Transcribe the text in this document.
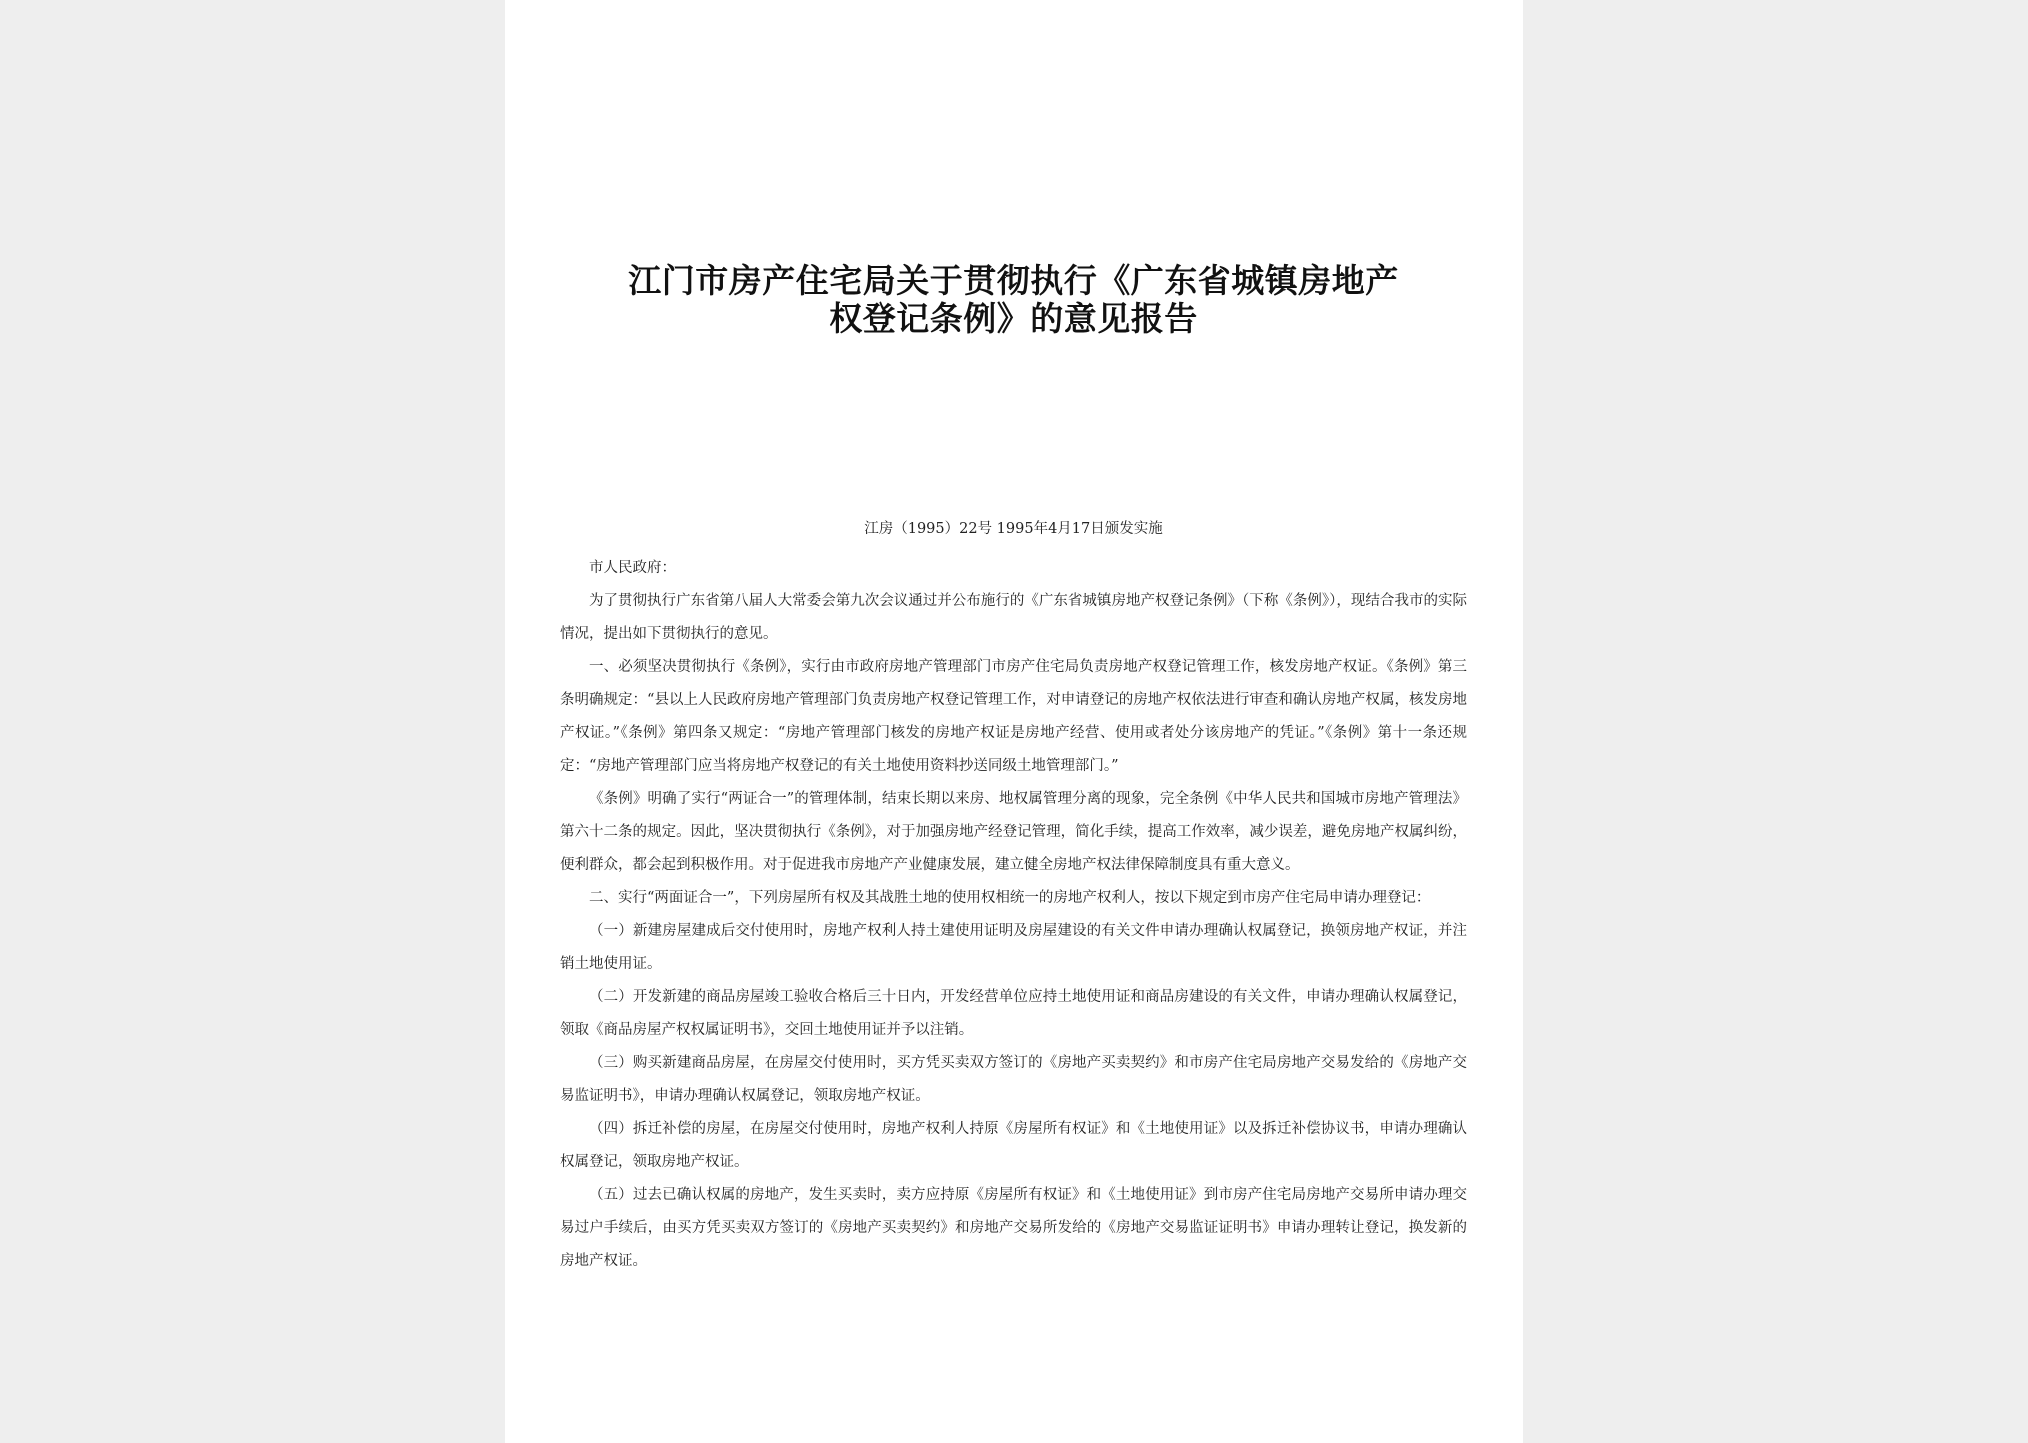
江门市房产住宅局关于贯彻执行《广东省城镇房地产
权登记条例》的意见报告
江房（1995）22号 1995年4月17日颁发实施

市人民政府：

为了贯彻执行广东省第八届人大常委会第九次会议通过并公布施行的《广东省城镇房地产权登记条例》（下称《条例》），现结合我市的实际情况，提出如下贯彻执行的意见。

一、必须坚决贯彻执行《条例》，实行由市政府房地产管理部门市房产住宅局负责房地产权登记管理工作，核发房地产权证。《条例》第三条明确规定：“县以上人民政府房地产管理部门负责房地产权登记管理工作，对申请登记的房地产权依法进行审查和确认房地产权属，核发房地产权证。”《条例》第四条又规定：“房地产管理部门核发的房地产权证是房地产经营、使用或者处分该房地产的凭证。”《条例》第十一条还规定：“房地产管理部门应当将房地产权登记的有关土地使用资料抄送同级土地管理部门。”

《条例》明确了实行“两证合一”的管理体制，结束长期以来房、地权属管理分离的现象，完全条例《中华人民共和国城市房地产管理法》第六十二条的规定。因此，坚决贯彻执行《条例》，对于加强房地产经登记管理，简化手续，提高工作效率，减少误差，避免房地产权属纠纷，便利群众，都会起到积极作用。对于促进我市房地产产业健康发展，建立健全房地产权法律保障制度具有重大意义。

二、实行“两面证合一”，下列房屋所有权及其战胜土地的使用权相统一的房地产权利人，按以下规定到市房产住宅局申请办理登记：

（一）新建房屋建成后交付使用时，房地产权利人持土建使用证明及房屋建设的有关文件申请办理确认权属登记，换领房地产权证，并注销土地使用证。

（二）开发新建的商品房屋竣工验收合格后三十日内，开发经营单位应持土地使用证和商品房建设的有关文件，申请办理确认权属登记，领取《商品房屋产权权属证明书》，交回土地使用证并予以注销。

（三）购买新建商品房屋，在房屋交付使用时，买方凭买卖双方签订的《房地产买卖契约》和市房产住宅局房地产交易发给的《房地产交易监证明书》，申请办理确认权属登记，领取房地产权证。

（四）拆迁补偿的房屋，在房屋交付使用时，房地产权利人持原《房屋所有权证》和《土地使用证》以及拆迁补偿协议书，申请办理确认权属登记，领取房地产权证。

（五）过去已确认权属的房地产，发生买卖时，卖方应持原《房屋所有权证》和《土地使用证》到市房产住宅局房地产交易所申请办理交易过户手续后，由买方凭买卖双方签订的《房地产买卖契约》和房地产交易所发给的《房地产交易监证证明书》申请办理转让登记，换发新的房地产权证。
